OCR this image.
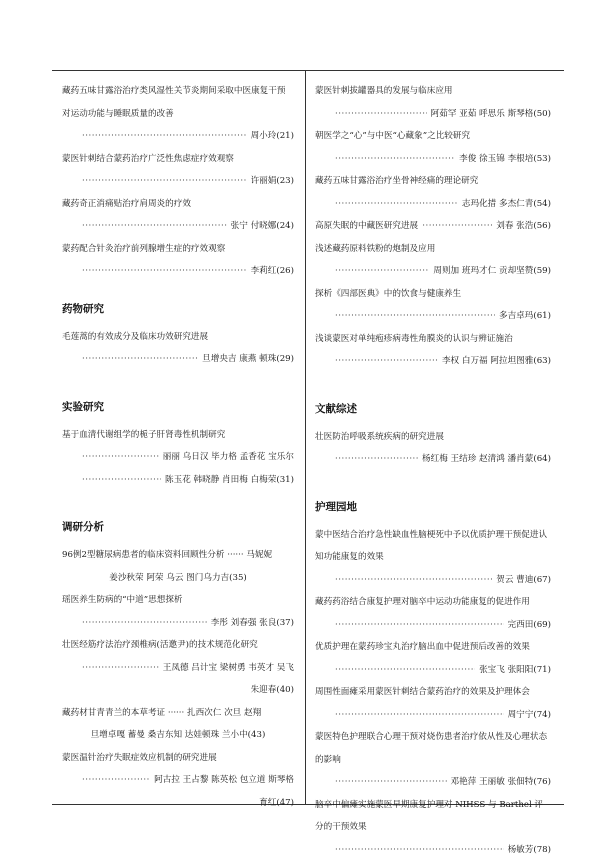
藏药五味甘露浴治疗类风湿性关节炎期间采取中医康复干预对运动功能与睡眠质量的改善
····· 周小玲(21)
蒙医针刺结合蒙药治疗广泛性焦虑症疗效观察
····· 许丽娟(23)
藏药奇正消痛贴治疗肩周炎的疗效
····· 张宁 付晓娜(24)
蒙药配合针灸治疗前列腺增生症的疗效观察
····· 李莉红(26)
药物研究
毛莲蒿的有效成分及临床功效研究进展
····· 旦增央吉 康燕 顿珠(29)
实验研究
基于血清代谢组学的栀子肝肾毒性机制研究
····· 丽丽 乌日汉 毕力格 孟香花 宝乐尔
····· 陈玉花 韩晓静 肖田梅 白梅荣(31)
调研分析
96例2型糖尿病患者的临床资料回顾性分析 ······ 马妮妮
姜沙秋荣 阿荣 乌云 图门乌力吉(35)
瑶医养生防病的“中道”思想探析
····· 李彤 刘春强 张良(37)
壮医经筋疗法治疗颈椎病(活邀尹)的技术规范化研究
····· 王凤德 吕计宝 梁树勇 韦英才 吴飞
朱迎春(40)
藏药材甘青青兰的本草考证 ······ 扎西次仁 次旦 赵翔
旦增卓嘎 蓄曼 桑吉东知 达娃顿珠 兰小中(43)
蒙医温针治疗失眠症效应机制的研究进展
····· 阿古拉 王占黎 陈英松 包立道 斯琴格
育红(47)
蒙医针刺拔罐器具的发展与临床应用
····· 阿茹罕 亚茹 呼思乐 斯琴格(50)
朝医学之“心”与中医“心藏象”之比较研究
····· 李俊 徐玉锦 李根培(53)
藏药五味甘露浴治疗坐骨神经痛的理论研究
····· 志玛化措 多杰仁青(54)
····· 高原失眠的中藏医研究进展	刘春 张浩(56)
浅述藏药原料铁粉的炮制及应用
····· 周则加 班玛才仁 贡却坚赞(59)
探析《四部医典》中的饮食与健康养生
····· 多吉卓玛(61)
浅谈蒙医对单纯疱疹病毒性角膜炎的认识与辨证施治
····· 李权 白万福 阿拉坦图雅(63)
文献综述
壮医防治呼吸系统疾病的研究进展
····· 杨红梅 王结珍 赵清鸿 潘肖蒙(64)
护理园地
蒙中医结合治疗急性缺血性脑梗死中予以优质护理干预促进认知功能康复的效果
····· 贺云 曹迪(67)
藏药药浴结合康复护理对脑卒中运动功能康复的促进作用
····· 完西田(69)
优质护理在蒙药珍宝丸治疗脑出血中促进预后改善的效果
····· 张宝飞 张阳阳(71)
周围性面瘫采用蒙医针刺结合蒙药治疗的效果及护理体会
····· 周宁宁(74)
蒙医特色护理联合心理干预对烧伤患者治疗依从性及心理状态的影响
····· 邓艳萍 王丽敏 张佃特(76)
脑卒中偏瘫实施蒙医早期康复护理对 NIHSS 与 Barthel 评分的干预效果
····· 杨敏芳(78)
